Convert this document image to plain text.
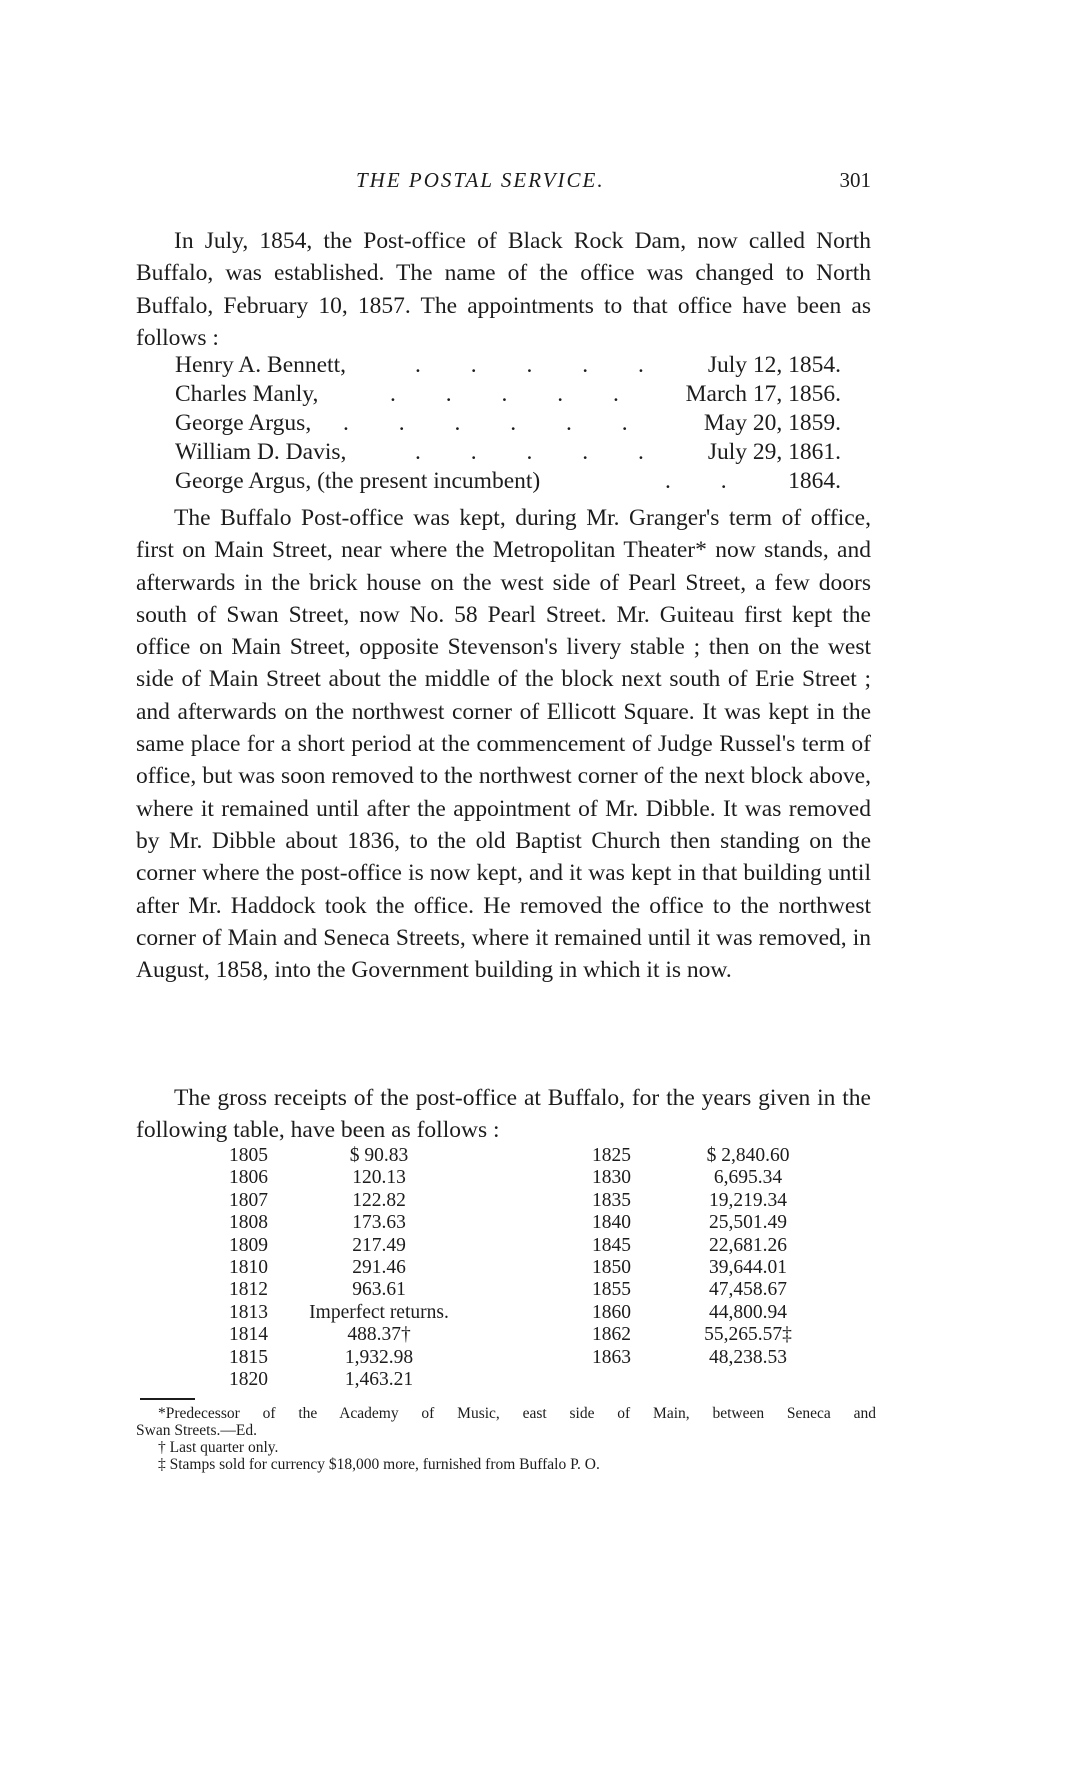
THE POSTAL SERVICE.	301

In July, 1854, the Post-office of Black Rock Dam, now called North Buffalo, was established. The name of the office was changed to North Buffalo, February 10, 1857. The appointments to that office have been as follows :

Henry A. Bennett,	. . . . . July 12, 1854.
Charles Manly,	. . . . . March 17, 1856.
George Argus, . . . . . . May 20, 1859.
William D. Davis,	. . . . . July 29, 1861.
George Argus, (the present incumbent)	. . 1864.

The Buffalo Post-office was kept, during Mr. Granger's term of office, first on Main Street, near where the Metropolitan Theater* now stands, and afterwards in the brick house on the west side of Pearl Street, a few doors south of Swan Street, now No. 58 Pearl Street. Mr. Guiteau first kept the office on Main Street, opposite Stevenson's livery stable ; then on the west side of Main Street about the middle of the block next south of Erie Street ; and afterwards on the northwest corner of Ellicott Square. It was kept in the same place for a short period at the commencement of Judge Russel's term of office, but was soon removed to the northwest corner of the next block above, where it remained until after the appointment of Mr. Dibble. It was removed by Mr. Dibble about 1836, to the old Baptist Church then standing on the corner where the post-office is now kept, and it was kept in that building until after Mr. Haddock took the office. He removed the office to the northwest corner of Main and Seneca Streets, where it remained until it was removed, in August, 1858, into the Government building in which it is now.

The gross receipts of the post-office at Buffalo, for the years given in the following table, have been as follows :

1805	$ 90.83	1825	$ 2,840.60
1806	120.13	1830	6,695.34
1807	122.82	1835	19,219.34
1808	173.63	1840	25,501.49
1809	217.49	1845	22,681.26
1810	291.46	1850	39,644.01
1812	963.61	1855	47,458.67
1813	Imperfect returns.	1860	44,800.94
1814	488.37†	1862	55,265.57‡
1815	1,932.98	1863	48,238.53
1820	1,463.21

*Predecessor of the Academy of Music, east side of Main, between Seneca and

Swan Streets.—Ed.

† Last quarter only.

‡ Stamps sold for currency $18,000 more, furnished from Buffalo P. O.
